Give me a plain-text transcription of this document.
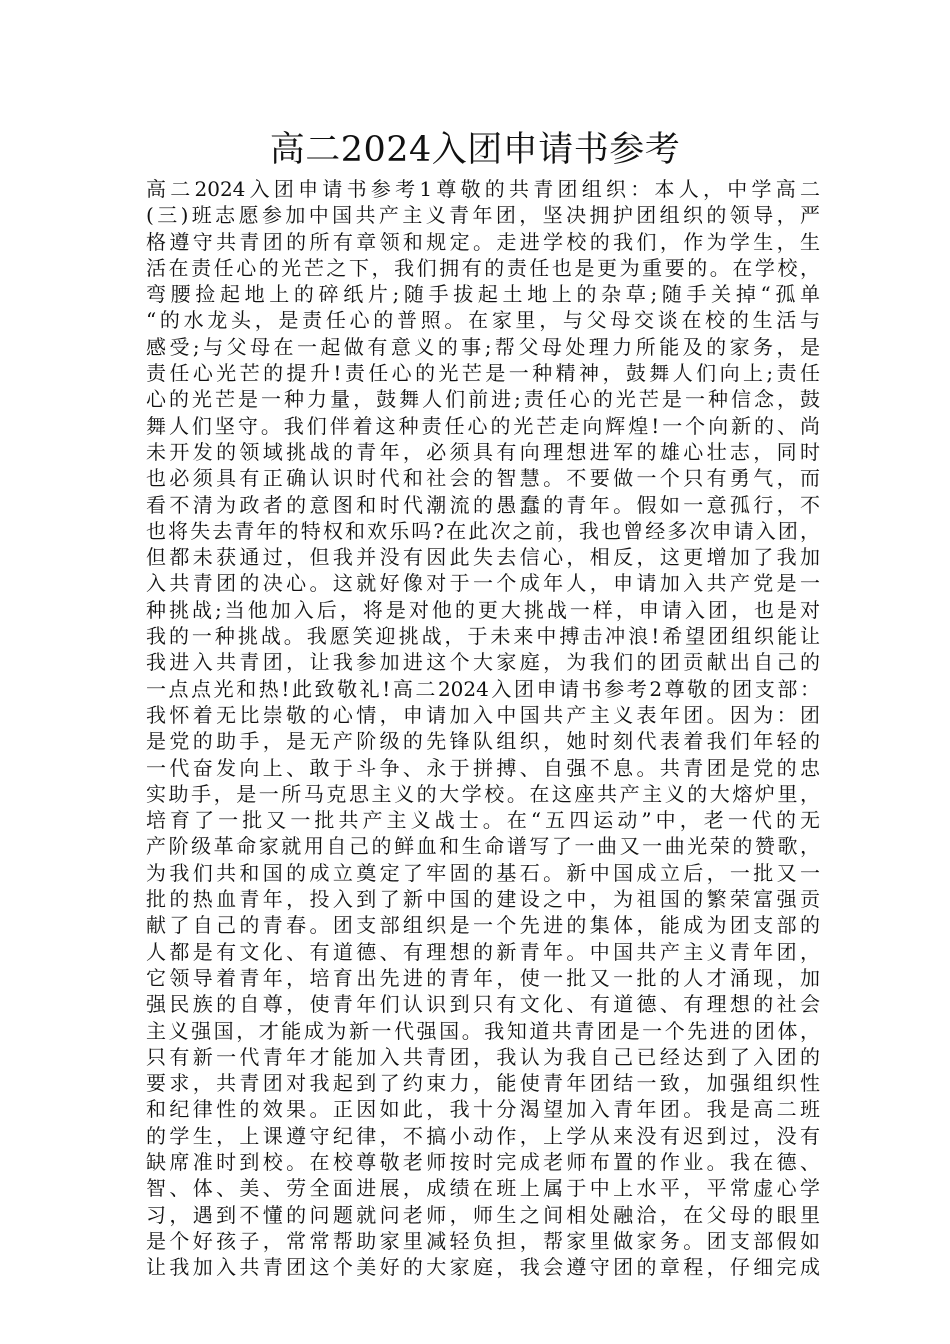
高二2024入团申请书参考
高二2024入团申请书参考1尊敬的共青团组织：本人，中学高二
(三)班志愿参加中国共产主义青年团，坚决拥护团组织的领导，严
格遵守共青团的所有章领和规定。走进学校的我们，作为学生，生
活在责任心的光芒之下，我们拥有的责任也是更为重要的。在学校，
弯腰捡起地上的碎纸片;随手拔起土地上的杂草;随手关掉“孤单
“的水龙头，是责任心的普照。在家里，与父母交谈在校的生活与
感受;与父母在一起做有意义的事;帮父母处理力所能及的家务，是
责任心光芒的提升!责任心的光芒是一种精神，鼓舞人们向上;责任
心的光芒是一种力量，鼓舞人们前进;责任心的光芒是一种信念，鼓
舞人们坚守。我们伴着这种责任心的光芒走向辉煌!一个向新的、尚
未开发的领域挑战的青年，必须具有向理想进军的雄心壮志，同时
也必须具有正确认识时代和社会的智慧。不要做一个只有勇气，而
看不清为政者的意图和时代潮流的愚蠢的青年。假如一意孤行，不
也将失去青年的特权和欢乐吗?在此次之前，我也曾经多次申请入团，
但都未获通过，但我并没有因此失去信心，相反，这更增加了我加
入共青团的决心。这就好像对于一个成年人，申请加入共产党是一
种挑战;当他加入后，将是对他的更大挑战一样，申请入团，也是对
我的一种挑战。我愿笑迎挑战，于未来中搏击冲浪!希望团组织能让
我进入共青团，让我参加进这个大家庭，为我们的团贡献出自己的
一点点光和热!此致敬礼!高二2024入团申请书参考2尊敬的团支部：
我怀着无比崇敬的心情，申请加入中国共产主义表年团。因为：团
是党的助手，是无产阶级的先锋队组织，她时刻代表着我们年轻的
一代奋发向上、敢于斗争、永于拼搏、自强不息。共青团是党的忠
实助手，是一所马克思主义的大学校。在这座共产主义的大熔炉里，
培育了一批又一批共产主义战士。在“五四运动”中，老一代的无
产阶级革命家就用自己的鲜血和生命谱写了一曲又一曲光荣的赞歌，
为我们共和国的成立奠定了牢固的基石。新中国成立后，一批又一
批的热血青年，投入到了新中国的建设之中，为祖国的繁荣富强贡
献了自己的青春。团支部组织是一个先进的集体，能成为团支部的
人都是有文化、有道德、有理想的新青年。中国共产主义青年团，
它领导着青年，培育出先进的青年，使一批又一批的人才涌现，加
强民族的自尊，使青年们认识到只有文化、有道德、有理想的社会
主义强国，才能成为新一代强国。我知道共青团是一个先进的团体，
只有新一代青年才能加入共青团，我认为我自己已经达到了入团的
要求，共青团对我起到了约束力，能使青年团结一致，加强组织性
和纪律性的效果。正因如此，我十分渴望加入青年团。我是高二班
的学生，上课遵守纪律，不搞小动作，上学从来没有迟到过，没有
缺席准时到校。在校尊敬老师按时完成老师布置的作业。我在德、
智、体、美、劳全面进展，成绩在班上属于中上水平，平常虚心学
习，遇到不懂的问题就问老师，师生之间相处融洽，在父母的眼里
是个好孩子，常常帮助家里减轻负担，帮家里做家务。团支部假如
让我加入共青团这个美好的大家庭，我会遵守团的章程，仔细完成
